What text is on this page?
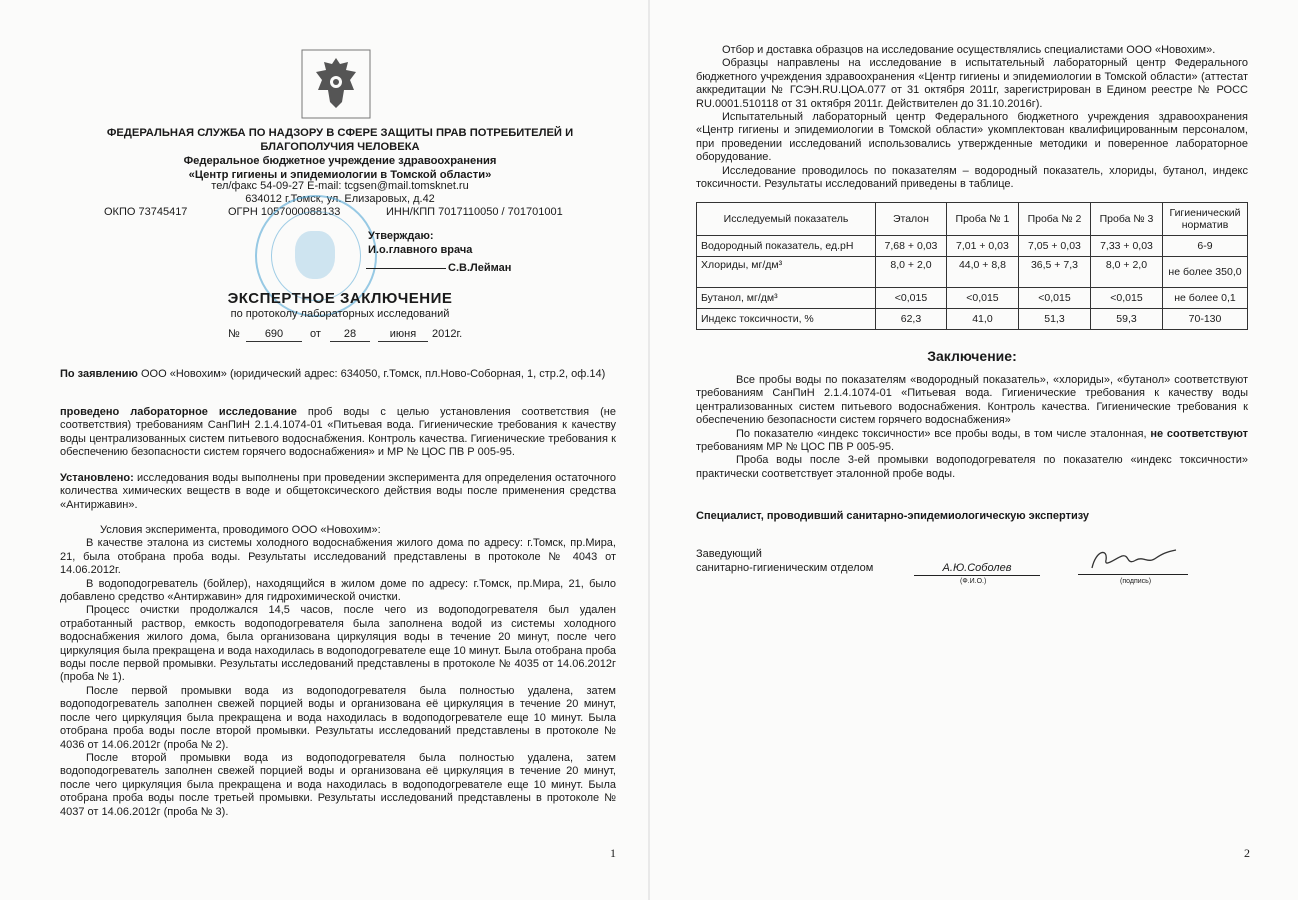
ФЕДЕРАЛЬНАЯ СЛУЖБА ПО НАДЗОРУ В СФЕРЕ ЗАЩИТЫ ПРАВ ПОТРЕБИТЕЛЕЙ И
БЛАГОПОЛУЧИЯ ЧЕЛОВЕКА
Федеральное бюджетное учреждение здравоохранения
«Центр гигиены и эпидемиологии в Томской области»
тел/факс 54-09-27 E-mail: tcgsen@mail.tomsknet.ru
634012 г.Томск, ул. Елизаровых, д.42
ОКПО 73745417	ОГРН 1057000088133	ИНН/КПП 7017110050 / 701701001
Утверждаю:
И.о.главного врача
С.В.Лейман
ЭКСПЕРТНОЕ ЗАКЛЮЧЕНИЕ
по протоколу лабораторных исследований
№	690	от	28	июня	2012г.

По заявлению ООО «Новохим» (юридический адрес: 634050, г.Томск, пл.Ново-Соборная, 1, стр.2, оф.14)

проведено лабораторное исследование проб воды с целью установления соответствия (не соответствия) требованиям СанПиН 2.1.4.1074-01 «Питьевая вода. Гигиенические требования к качеству воды централизованных систем питьевого водоснабжения. Контроль качества. Гигиенические требования к обеспечению безопасности систем горячего водоснабжения» и МР № ЦОС ПВ Р 005-95.

Установлено: исследования воды выполнены при проведении эксперимента для определения остаточного количества химических веществ в воде и общетоксического действия воды после применения средства «Антиржавин».

Условия эксперимента, проводимого ООО «Новохим»:

В качестве эталона из системы холодного водоснабжения жилого дома по адресу: г.Томск, пр.Мира, 21, была отобрана проба воды. Результаты исследований представлены в протоколе № 4043 от 14.06.2012г.

В водоподогреватель (бойлер), находящийся в жилом доме по адресу: г.Томск, пр.Мира, 21, было добавлено средство «Антиржавин» для гидрохимической очистки.

Процесс очистки продолжался 14,5 часов, после чего из водоподогревателя был удален отработанный раствор, емкость водоподогревателя была заполнена водой из системы холодного водоснабжения жилого дома, была организована циркуляция воды в течение 20 минут, после чего циркуляция была прекращена и вода находилась в водоподогревателе еще 10 минут. Была отобрана проба воды после первой промывки. Результаты исследований представлены в протоколе № 4035 от 14.06.2012г (проба № 1).

После первой промывки вода из водоподогревателя была полностью удалена, затем водоподогреватель заполнен свежей порцией воды и организована её циркуляция в течение 20 минут, после чего циркуляция была прекращена и вода находилась в водоподогревателе еще 10 минут. Была отобрана проба воды после второй промывки. Результаты исследований представлены в протоколе № 4036 от 14.06.2012г (проба № 2).

После второй промывки вода из водоподогревателя была полностью удалена, затем водоподогреватель заполнен свежей порцией воды и организована её циркуляция в течение 20 минут, после чего циркуляция была прекращена и вода находилась в водоподогревателе еще 10 минут. Была отобрана проба воды после третьей промывки. Результаты исследований представлены в протоколе № 4037 от 14.06.2012г (проба № 3).

1

Отбор и доставка образцов на исследование осуществлялись специалистами ООО «Новохим».

Образцы направлены на исследование в испытательный лабораторный центр Федерального бюджетного учреждения здравоохранения «Центр гигиены и эпидемиологии в Томской области» (аттестат аккредитации № ГСЭН.RU.ЦОА.077 от 31 октября 2011г, зарегистрирован в Едином реестре № РОСС RU.0001.510118 от 31 октября 2011г. Действителен до 31.10.2016г).

Испытательный лабораторный центр Федерального бюджетного учреждения здравоохранения «Центр гигиены и эпидемиологии в Томской области» укомплектован квалифицированным персоналом, при проведении исследований использовались утвержденные методики и поверенное лабораторное оборудование.

Исследование проводилось по показателям – водородный показатель, хлориды, бутанол, индекс токсичности. Результаты исследований приведены в таблице.

Исследуемый показатель	Эталон	Проба № 1	Проба № 2	Проба № 3	Гигиенический норматив
Водородный показатель, ед.рН	7,68 + 0,03	7,01 + 0,03	7,05 + 0,03	7,33 + 0,03	6-9
Хлориды, мг/дм³	8,0 + 2,0	44,0 + 8,8	36,5 + 7,3	8,0 + 2,0	не более 350,0
Бутанол, мг/дм³	<0,015	<0,015	<0,015	<0,015	не более 0,1
Индекс токсичности, %	62,3	41,0	51,3	59,3	70-130
Заключение:

Все пробы воды по показателям «водородный показатель», «хлориды», «бутанол» соответствуют требованиям СанПиН 2.1.4.1074-01 «Питьевая вода. Гигиенические требования к качеству воды централизованных систем питьевого водоснабжения. Контроль качества. Гигиенические требования к обеспечению безопасности систем горячего водоснабжения»

По показателю «индекс токсичности» все пробы воды, в том числе эталонная, не соответствуют требованиям МР № ЦОС ПВ Р 005-95.

Проба воды после 3-ей промывки водоподогревателя по показателю «индекс токсичности» практически соответствует эталонной пробе воды.

Специалист, проводивший санитарно-эпидемиологическую экспертизу
Заведующий
санитарно-гигиеническим отделом	А.Ю.Соболев
(Ф.И.О.)	(подпись)
2
